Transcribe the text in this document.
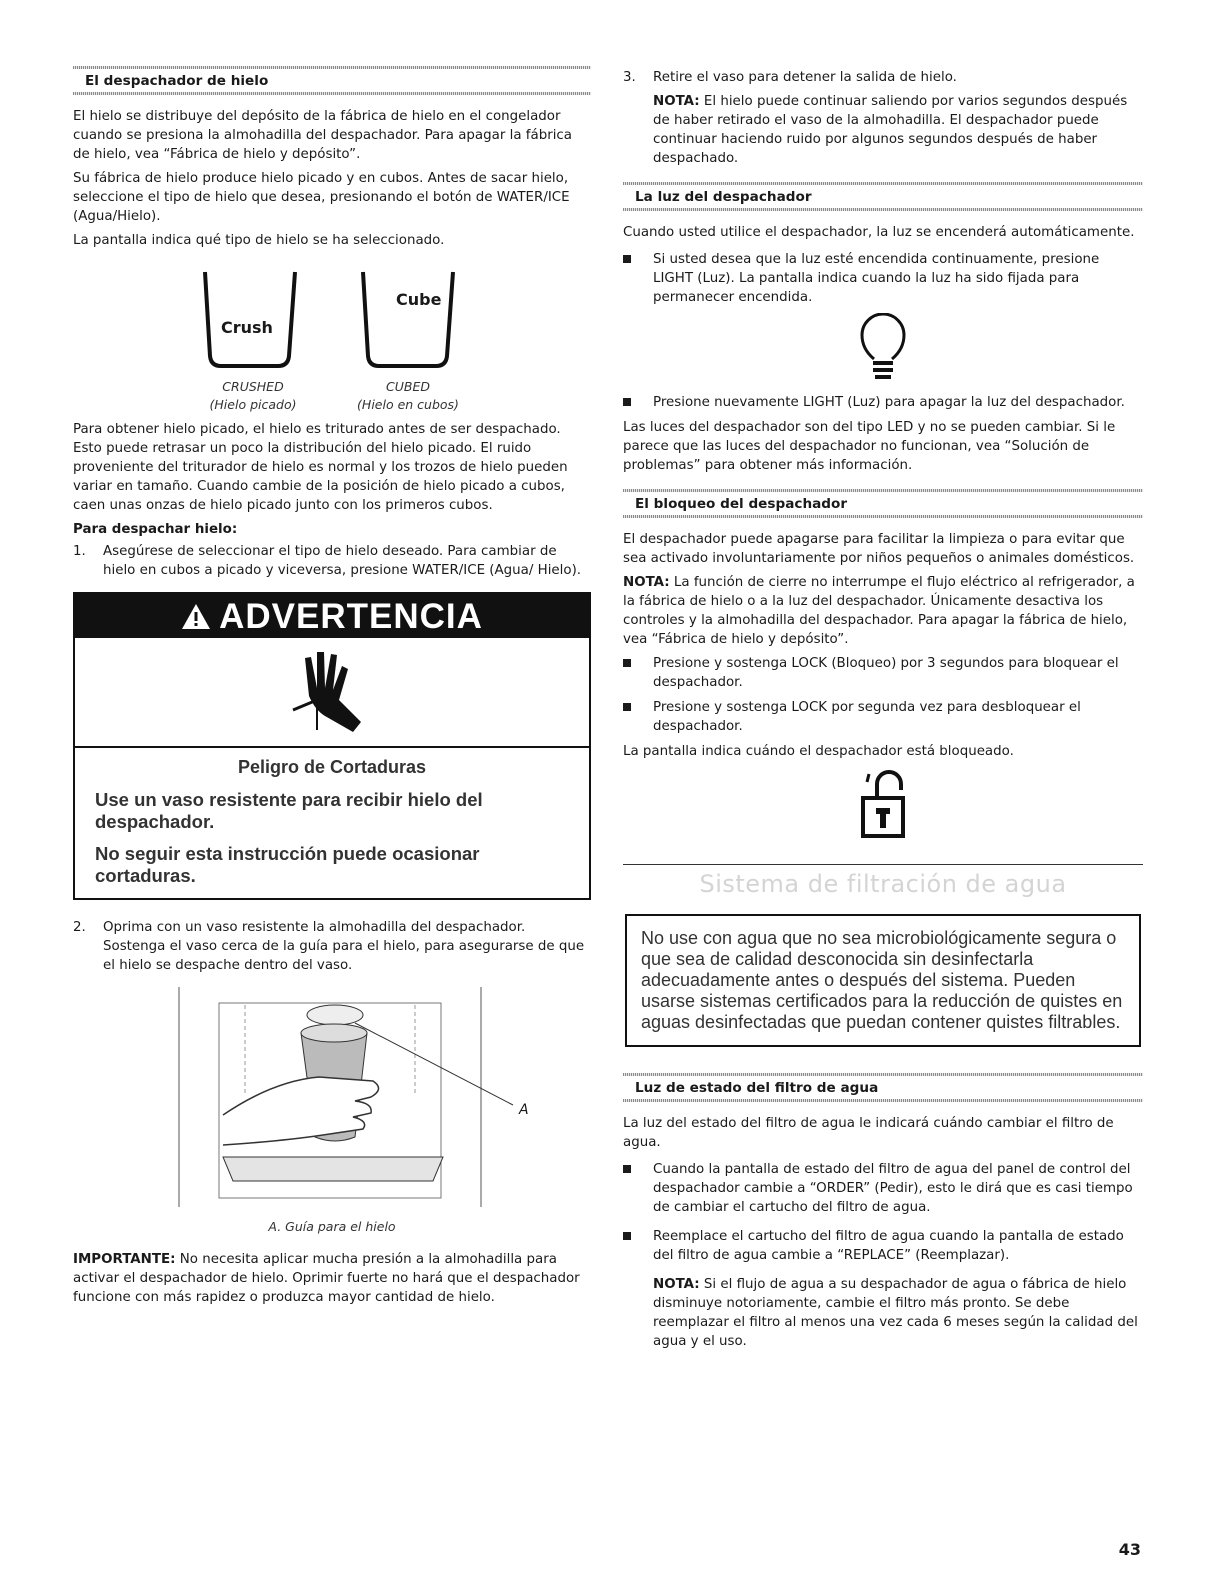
El despachador de hielo

El hielo se distribuye del depósito de la fábrica de hielo en el congelador cuando se presiona la almohadilla del despachador. Para apagar la fábrica de hielo, vea “Fábrica de hielo y depósito”.

Su fábrica de hielo produce hielo picado y en cubos. Antes de sacar hielo, seleccione el tipo de hielo que desea, presionando el botón de WATER/ICE (Agua/Hielo).

La pantalla indica qué tipo de hielo se ha seleccionado.

Crush
Cube
CRUSHED
(Hielo picado)
CUBED
(Hielo en cubos)

Para obtener hielo picado, el hielo es triturado antes de ser despachado. Esto puede retrasar un poco la distribución del hielo picado. El ruido proveniente del triturador de hielo es normal y los trozos de hielo pueden variar en tamaño. Cuando cambie de la posición de hielo picado a cubos, caen unas onzas de hielo picado junto con los primeros cubos.

Para despachar hielo:

1. Asegúrese de seleccionar el tipo de hielo deseado. Para cambiar de hielo en cubos a picado y viceversa, presione WATER/ICE (Agua/ Hielo).
ADVERTENCIA
Peligro de Cortaduras
Use un vaso resistente para recibir hielo del despachador.
No seguir esta instrucción puede ocasionar cortaduras.
2. Oprima con un vaso resistente la almohadilla del despachador. Sostenga el vaso cerca de la guía para el hielo, para asegurarse de que el hielo se despache dentro del vaso.
A

A. Guía para el hielo

IMPORTANTE: No necesita aplicar mucha presión a la almohadilla para activar el despachador de hielo. Oprimir fuerte no hará que el despachador funcione con más rapidez o produzca mayor cantidad de hielo.

3. Retire el vaso para detener la salida de hielo.

NOTA: El hielo puede continuar saliendo por varios segundos después de haber retirado el vaso de la almohadilla. El despachador puede continuar haciendo ruido por algunos segundos después de haber despachado.

La luz del despachador

Cuando usted utilice el despachador, la luz se encenderá automáticamente.

Si usted desea que la luz esté encendida continuamente, presione LIGHT (Luz). La pantalla indica cuando la luz ha sido fijada para permanecer encendida.
Presione nuevamente LIGHT (Luz) para apagar la luz del despachador.

Las luces del despachador son del tipo LED y no se pueden cambiar. Si le parece que las luces del despachador no funcionan, vea “Solución de problemas” para obtener más información.

El bloqueo del despachador

El despachador puede apagarse para facilitar la limpieza o para evitar que sea activado involuntariamente por niños pequeños o animales domésticos.

NOTA: La función de cierre no interrumpe el flujo eléctrico al refrigerador, a la fábrica de hielo o a la luz del despachador. Únicamente desactiva los controles y la almohadilla del despachador. Para apagar la fábrica de hielo, vea “Fábrica de hielo y depósito”.

Presione y sostenga LOCK (Bloqueo) por 3 segundos para bloquear el despachador.
Presione y sostenga LOCK por segunda vez para desbloquear el despachador.

La pantalla indica cuándo el despachador está bloqueado.

Sistema de filtración de agua
No use con agua que no sea microbiológicamente segura o que sea de calidad desconocida sin desinfectarla adecuadamente antes o después del sistema. Pueden usarse sistemas certificados para la reducción de quistes en aguas desinfectadas que puedan contener quistes filtrables.
Luz de estado del filtro de agua

La luz del estado del filtro de agua le indicará cuándo cambiar el filtro de agua.

Cuando la pantalla de estado del filtro de agua del panel de control del despachador cambie a “ORDER” (Pedir), esto le dirá que es casi tiempo de cambiar el cartucho del filtro de agua.
Reemplace el cartucho del filtro de agua cuando la pantalla de estado del filtro de agua cambie a “REPLACE” (Reemplazar).

NOTA: Si el flujo de agua a su despachador de agua o fábrica de hielo disminuye notoriamente, cambie el filtro más pronto. Se debe reemplazar el filtro al menos una vez cada 6 meses según la calidad del agua y el uso.

43
